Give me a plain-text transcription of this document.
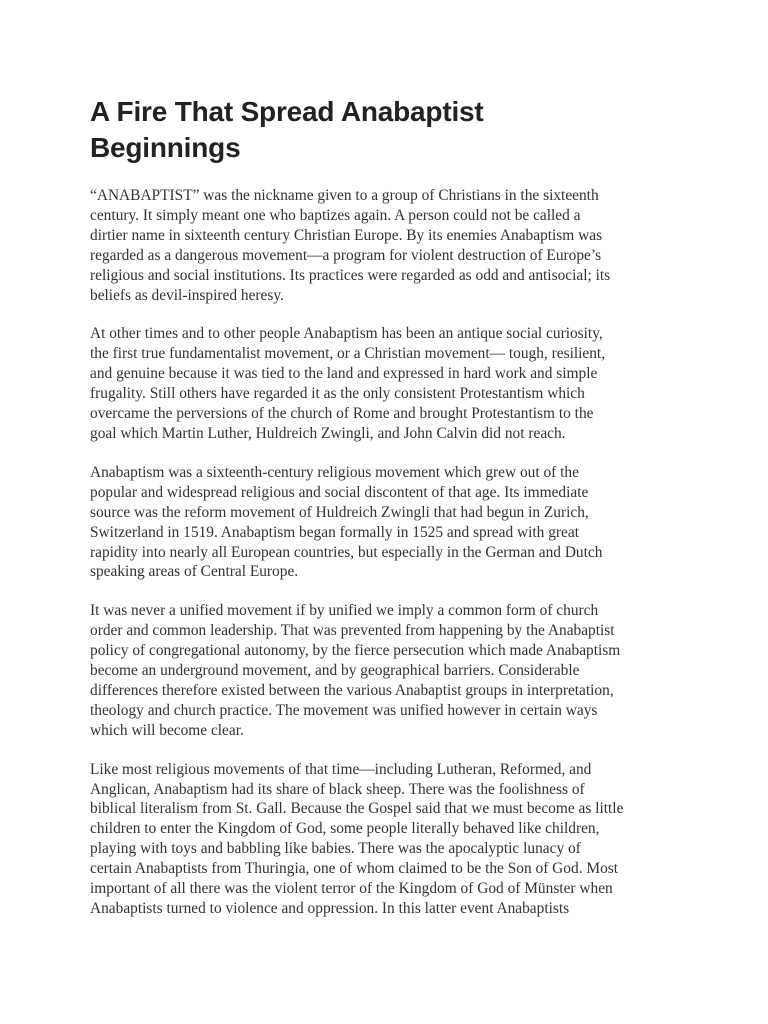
A Fire That Spread Anabaptist
Beginnings

“ANABAPTIST” was the nickname given to a group of Christians in the sixteenth
century. It simply meant one who baptizes again. A person could not be called a
dirtier name in sixteenth century Christian Europe. By its enemies Anabaptism was
regarded as a dangerous movement—a program for violent destruction of Europe’s
religious and social institutions. Its practices were regarded as odd and antisocial; its
beliefs as devil-inspired heresy.

At other times and to other people Anabaptism has been an antique social curiosity,
the first true fundamentalist movement, or a Christian movement— tough, resilient,
and genuine because it was tied to the land and expressed in hard work and simple
frugality. Still others have regarded it as the only consistent Protestantism which
overcame the perversions of the church of Rome and brought Protestantism to the
goal which Martin Luther, Huldreich Zwingli, and John Calvin did not reach.

Anabaptism was a sixteenth-century religious movement which grew out of the
popular and widespread religious and social discontent of that age. Its immediate
source was the reform movement of Huldreich Zwingli that had begun in Zurich,
Switzerland in 1519. Anabaptism began formally in 1525 and spread with great
rapidity into nearly all European countries, but especially in the German and Dutch
speaking areas of Central Europe.

It was never a unified movement if by unified we imply a common form of church
order and common leadership. That was prevented from happening by the Anabaptist
policy of congregational autonomy, by the fierce persecution which made Anabaptism
become an underground movement, and by geographical barriers. Considerable
differences therefore existed between the various Anabaptist groups in interpretation,
theology and church practice. The movement was unified however in certain ways
which will become clear.

Like most religious movements of that time—including Lutheran, Reformed, and
Anglican, Anabaptism had its share of black sheep. There was the foolishness of
biblical literalism from St. Gall. Because the Gospel said that we must become as little
children to enter the Kingdom of God, some people literally behaved like children,
playing with toys and babbling like babies. There was the apocalyptic lunacy of
certain Anabaptists from Thuringia, one of whom claimed to be the Son of God. Most
important of all there was the violent terror of the Kingdom of God of Münster when
Anabaptists turned to violence and oppression. In this latter event Anabaptists
